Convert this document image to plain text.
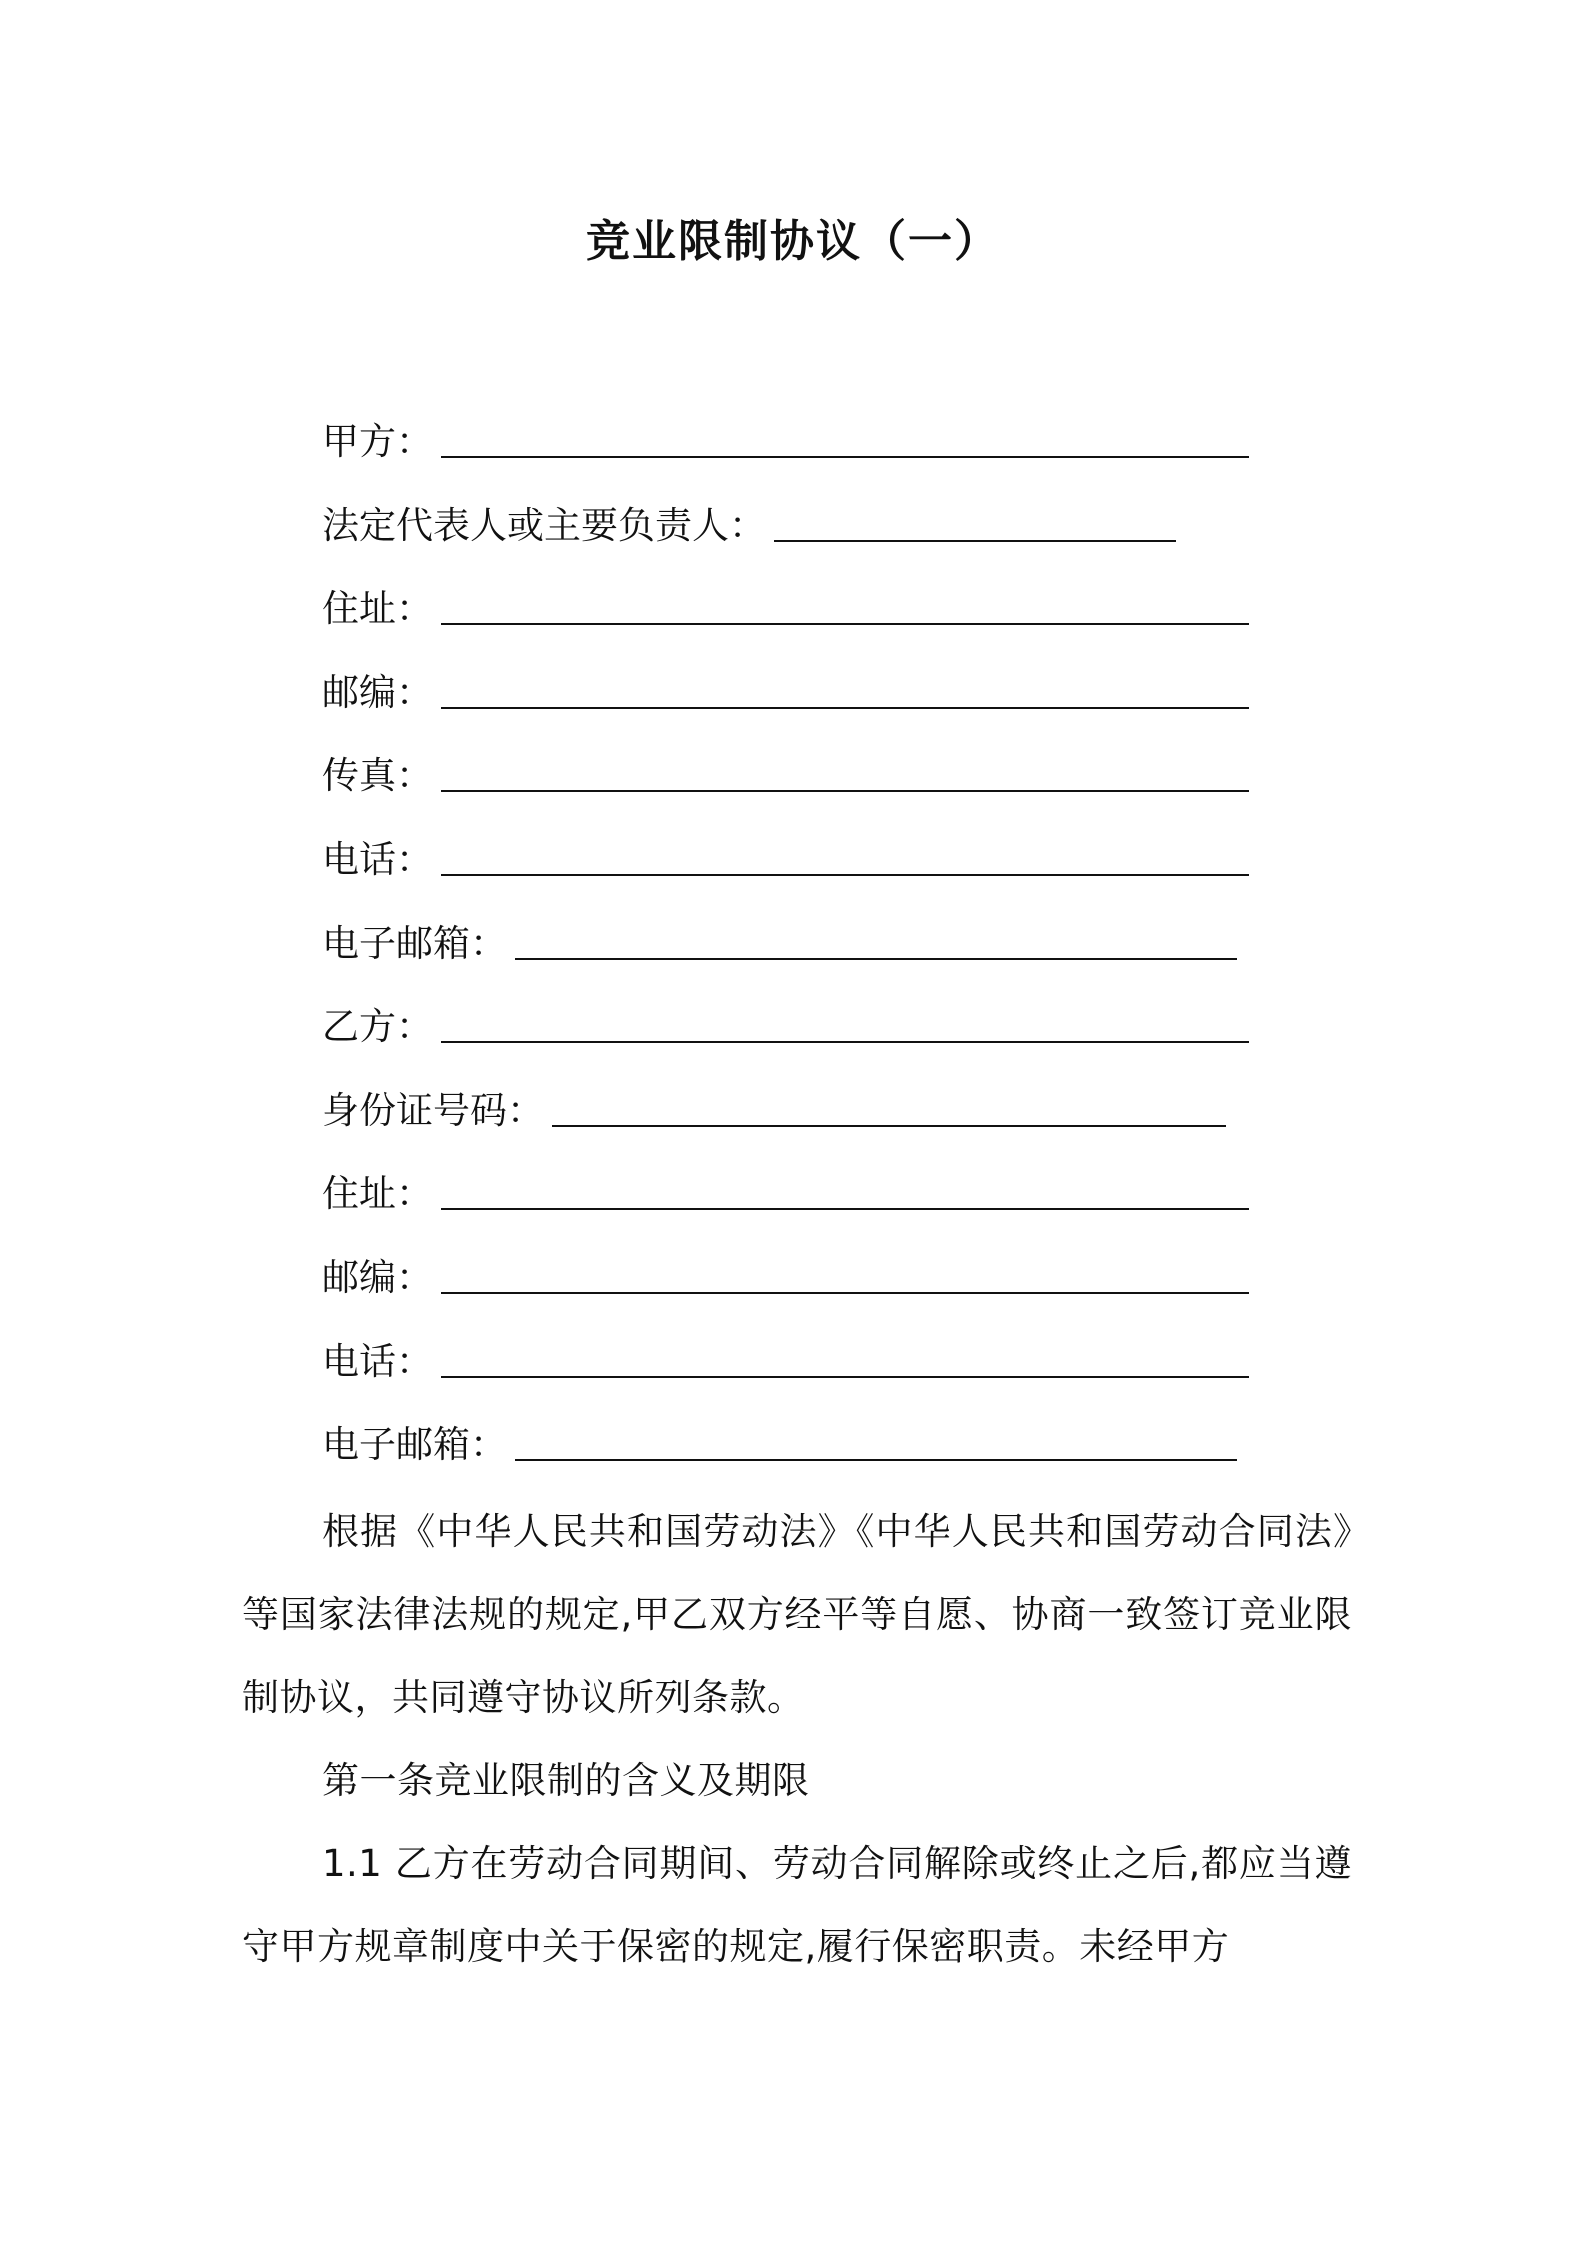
竞业限制协议（一）
甲方：
法定代表人或主要负责人：
住址：
邮编：
传真：
电话：
电子邮箱：
乙方：
身份证号码：
住址：
邮编：
电话：
电子邮箱：

根据《中华人民共和国劳动法》《中华人民共和国劳动合同法》等国家法律法规的规定,甲乙双方经平等自愿、协商一致签订竞业限制协议，共同遵守协议所列条款。

第一条竞业限制的含义及期限

1.1 乙方在劳动合同期间、劳动合同解除或终止之后,都应当遵守甲方规章制度中关于保密的规定,履行保密职责。未经甲方
